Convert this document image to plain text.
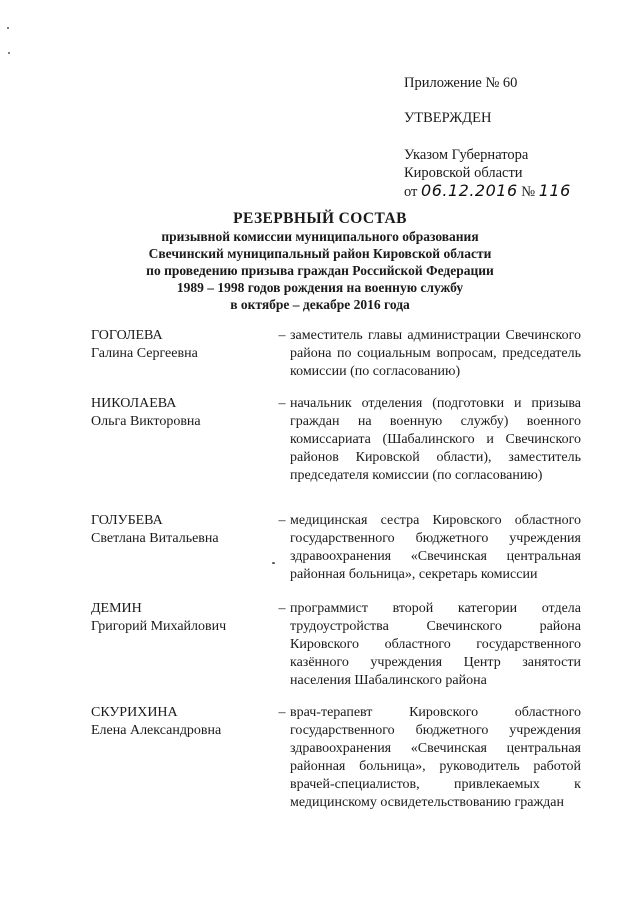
Приложение № 60
УТВЕРЖДЕН
Указом Губернатора
Кировской области
от 06.12.2016 № 116
РЕЗЕРВНЫЙ СОСТАВ
призывной комиссии муниципального образования
Свечинский муниципальный район Кировской области
по проведению призыва граждан Российской Федерации
1989 – 1998 годов рождения на военную службу
в октябре – декабре 2016 года
ГОГОЛЕВА
Галина Сергеевна
– заместитель главы администрации Свечинского района по социальным вопросам, председатель комиссии (по согласованию)
НИКОЛАЕВА
Ольга Викторовна
– начальник отделения (подготовки и призыва граждан на военную службу) военного комиссариата (Шабалинского и Свечинского районов Кировской области), заместитель председателя комиссии (по согласованию)
ГОЛУБЕВА
Светлана Витальевна
– медицинская сестра Кировского областного государственного бюджетного учреждения здравоохранения «Свечинская центральная районная больница», секретарь комиссии
ДЕМИН
Григорий Михайлович
– программист второй категории отдела трудоустройства Свечинского района Кировского областного государственного казённого учреждения Центр занятости населения Шабалинского района
СКУРИХИНА
Елена Александровна
– врач-терапевт Кировского областного государственного бюджетного учреждения здравоохранения «Свечинская центральная районная больница», руководитель работой врачей-специалистов, привлекаемых к медицинскому освидетельствованию граждан
